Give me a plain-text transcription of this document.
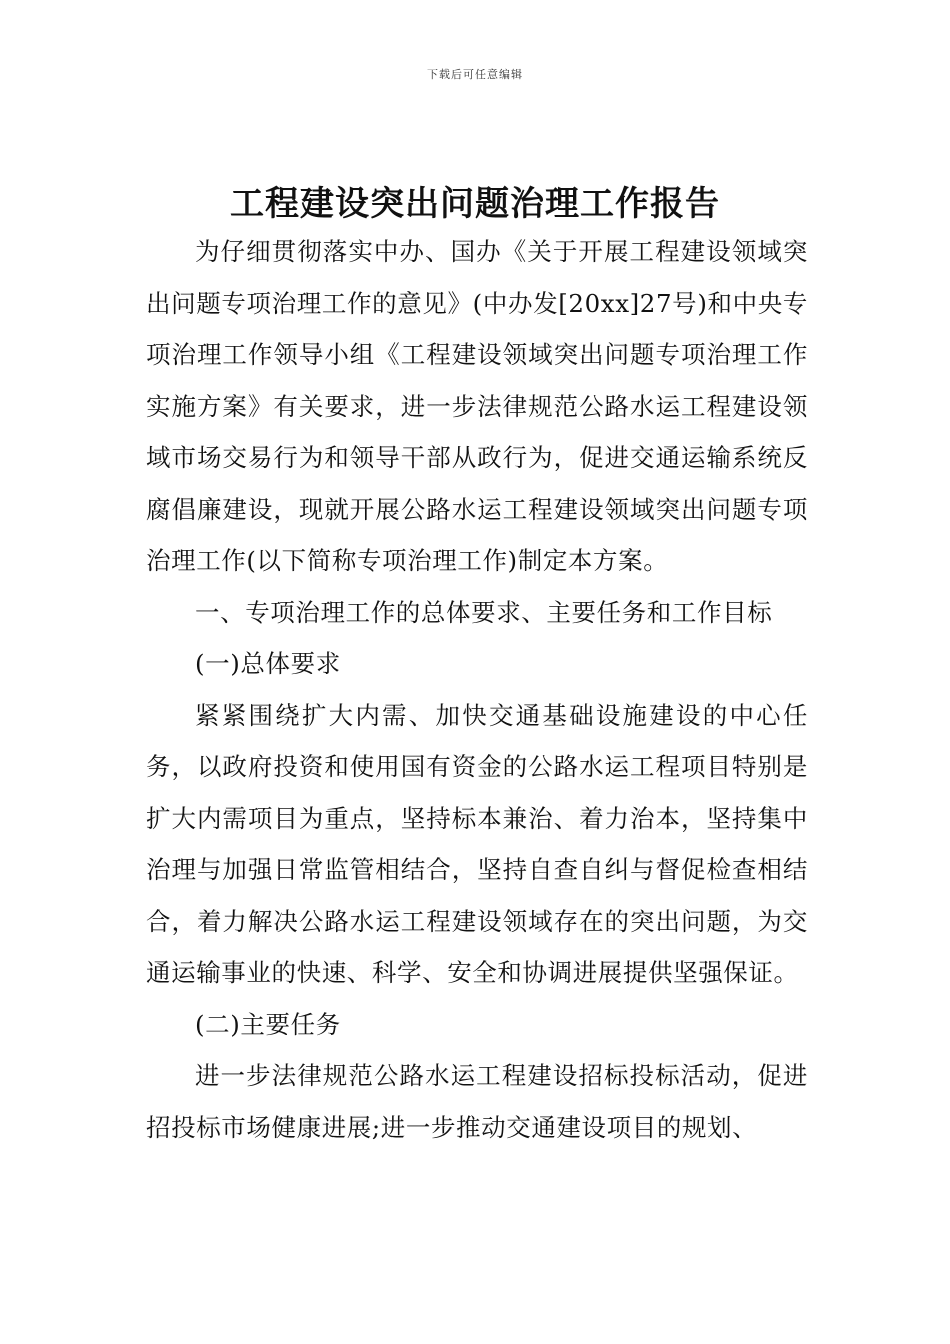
下载后可任意编辑
工程建设突出问题治理工作报告

为仔细贯彻落实中办、国办《关于开展工程建设领域突出问题专项治理工作的意见》(中办发[20xx]27号)和中央专项治理工作领导小组《工程建设领域突出问题专项治理工作实施方案》有关要求，进一步法律规范公路水运工程建设领域市场交易行为和领导干部从政行为，促进交通运输系统反腐倡廉建设，现就开展公路水运工程建设领域突出问题专项治理工作(以下简称专项治理工作)制定本方案。

一、专项治理工作的总体要求、主要任务和工作目标

(一)总体要求

紧紧围绕扩大内需、加快交通基础设施建设的中心任务，以政府投资和使用国有资金的公路水运工程项目特别是扩大内需项目为重点，坚持标本兼治、着力治本，坚持集中治理与加强日常监管相结合，坚持自查自纠与督促检查相结合，着力解决公路水运工程建设领域存在的突出问题，为交通运输事业的快速、科学、安全和协调进展提供坚强保证。

(二)主要任务

进一步法律规范公路水运工程建设招标投标活动，促进招投标市场健康进展;进一步推动交通建设项目的规划、
